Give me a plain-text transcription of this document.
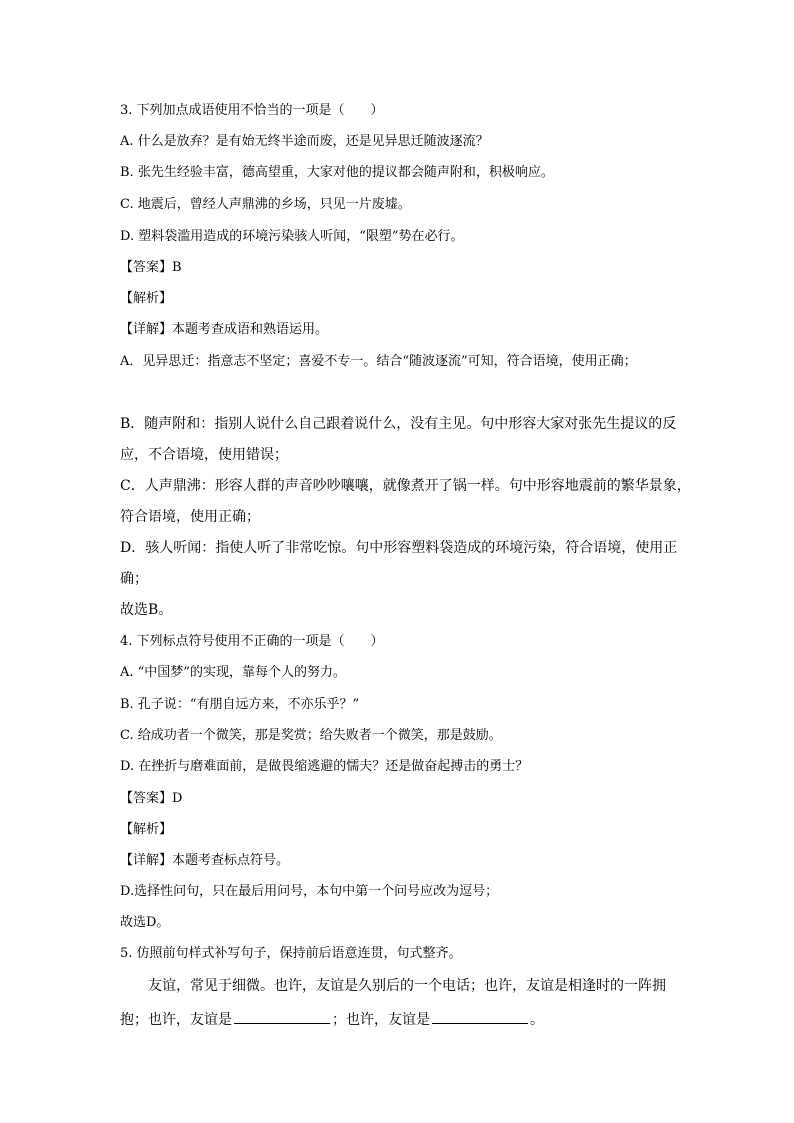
3. 下列加点成语使用不恰当的一项是（　　）
A. 什么是放弃？是有始无终半途而废，还是见异思迁随波逐流？
B. 张先生经验丰富，德高望重，大家对他的提议都会随声附和，积极响应。
C. 地震后，曾经人声鼎沸的乡场，只见一片废墟。
D. 塑料袋滥用造成的环境污染骇人听闻，“限塑”势在必行。
【答案】B
【解析】
【详解】本题考查成语和熟语运用。
A．见异思迁：指意志不坚定；喜爱不专一。结合“随波逐流”可知，符合语境，使用正确；
B．随声附和：指别人说什么自己跟着说什么，没有主见。句中形容大家对张先生提议的反
应，不合语境，使用错误；
C．人声鼎沸：形容人群的声音吵吵嚷嚷，就像煮开了锅一样。句中形容地震前的繁华景象，
符合语境，使用正确；
D．骇人听闻：指使人听了非常吃惊。句中形容塑料袋造成的环境污染，符合语境，使用正
确；
故选B。
4. 下列标点符号使用不正确的一项是（　　）
A. “中国梦”的实现，靠每个人的努力。
B. 孔子说：“有朋自远方来，不亦乐乎？”
C. 给成功者一个微笑，那是奖赏；给失败者一个微笑，那是鼓励。
D. 在挫折与磨难面前，是做畏缩逃避的懦夫？还是做奋起搏击的勇士？
【答案】D
【解析】
【详解】本题考查标点符号。
D.选择性问句，只在最后用问号，本句中第一个问号应改为逗号；
故选D。
5. 仿照前句样式补写句子，保持前后语意连贯，句式整齐。
友谊，常见于细微。也许，友谊是久别后的一个电话；也许，友谊是相逢时的一阵拥
抱；也许，友谊是	；也许，友谊是	。
